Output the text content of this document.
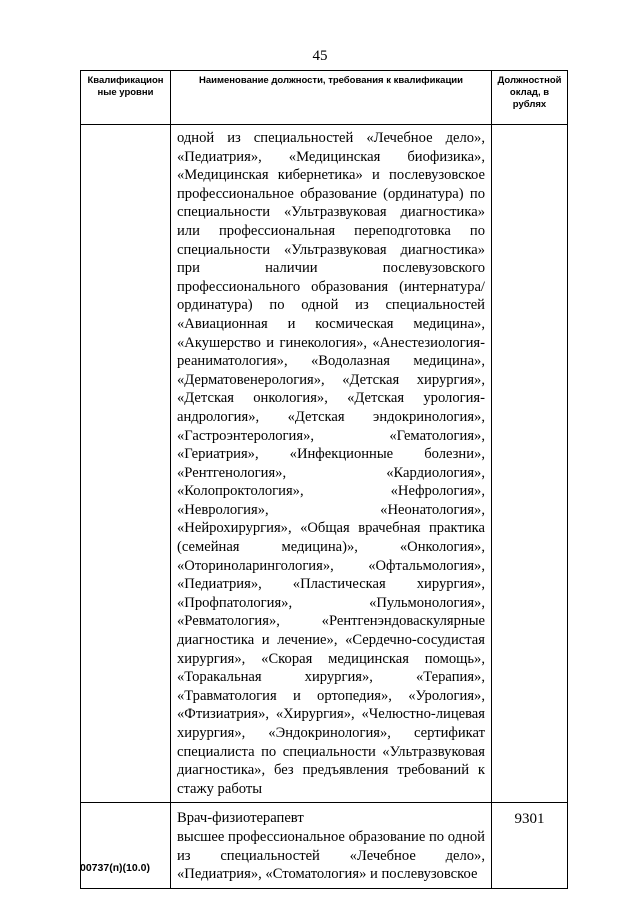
45
Квалификацион ные уровни	Наименование должности, требования к квалификации	Должностной оклад, в рублях

	одной из специальностей «Лечебное дело», «Педиатрия», «Медицинская биофизика», «Медицинская кибернетика» и послевузовское профессиональное образование (ординатура) по специальности «Ультразвуковая диагностика» или профессиональная переподготовка по специальности «Ультразвуковая диагностика» при наличии послевузовского профессионального образования (интернатура/ординатура) по одной из специальностей «Авиационная и космическая медицина», «Акушерство и гинекология», «Анестезиология-реаниматология», «Водолазная медицина», «Дерматовенерология», «Детская хирургия», «Детская онкология», «Детская урология-андрология», «Детская эндокринология», «Гастроэнтерология», «Гематология», «Гериатрия», «Инфекционные болезни», «Рентгенология», «Кардиология», «Колопроктология», «Нефрология», «Неврология», «Неонатология», «Нейрохирургия», «Общая врачебная практика (семейная медицина)», «Онкология», «Оториноларингология», «Офтальмология», «Педиатрия», «Пластическая хирургия», «Профпатология», «Пульмонология», «Ревматология», «Рентгенэндоваскулярные диагностика и лечение», «Сердечно-сосудистая хирургия», «Скорая медицинская помощь», «Торакальная хирургия», «Терапия», «Травматология и ортопедия», «Урология», «Фтизиатрия», «Хирургия», «Челюстно-лицевая хирургия», «Эндокринология», сертификат специалиста по специальности «Ультразвуковая диагностика», без предъявления требований к стажу работы	

	Врач-физиотерапевт
высшее профессиональное образование по одной из специальностей «Лечебное дело», «Педиатрия», «Стоматология» и послевузовское	9301
00737(п)(10.0)
